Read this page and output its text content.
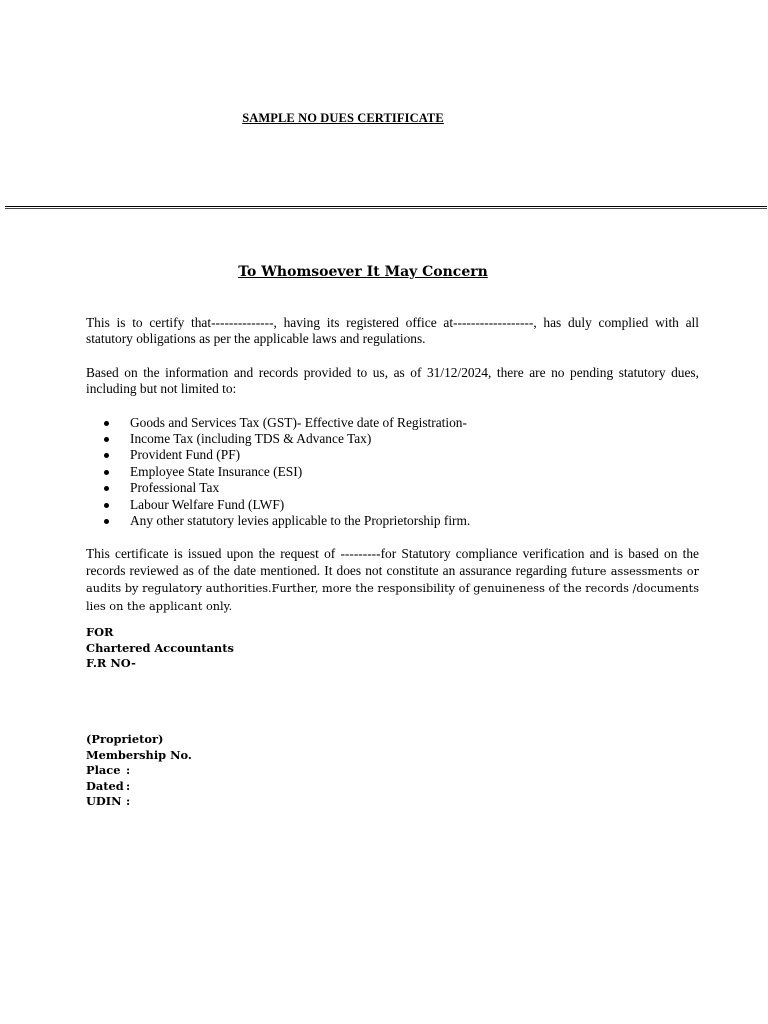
SAMPLE NO DUES CERTIFICATE
To Whomsoever It May Concern

This is to certify that--------------, having its registered office at------------------, has duly complied with all statutory obligations as per the applicable laws and regulations.

Based on the information and records provided to us, as of 31/12/2024, there are no pending statutory dues, including but not limited to:

Goods and Services Tax (GST)- Effective date of Registration-
Income Tax (including TDS & Advance Tax)
Provident Fund (PF)
Employee State Insurance (ESI)
Professional Tax
Labour Welfare Fund (LWF)
Any other statutory levies applicable to the Proprietorship firm.

This certificate is issued upon the request of ---------for Statutory compliance verification and is based on the records reviewed as of the date mentioned. It does not constitute an assurance regarding future assessments or audits by regulatory authorities.Further, more the responsibility of genuineness of the records /documents lies on the applicant only.

FOR
Chartered Accountants
F.R NO-
(Proprietor)
Membership No.
Place :
Dated :
UDIN :
